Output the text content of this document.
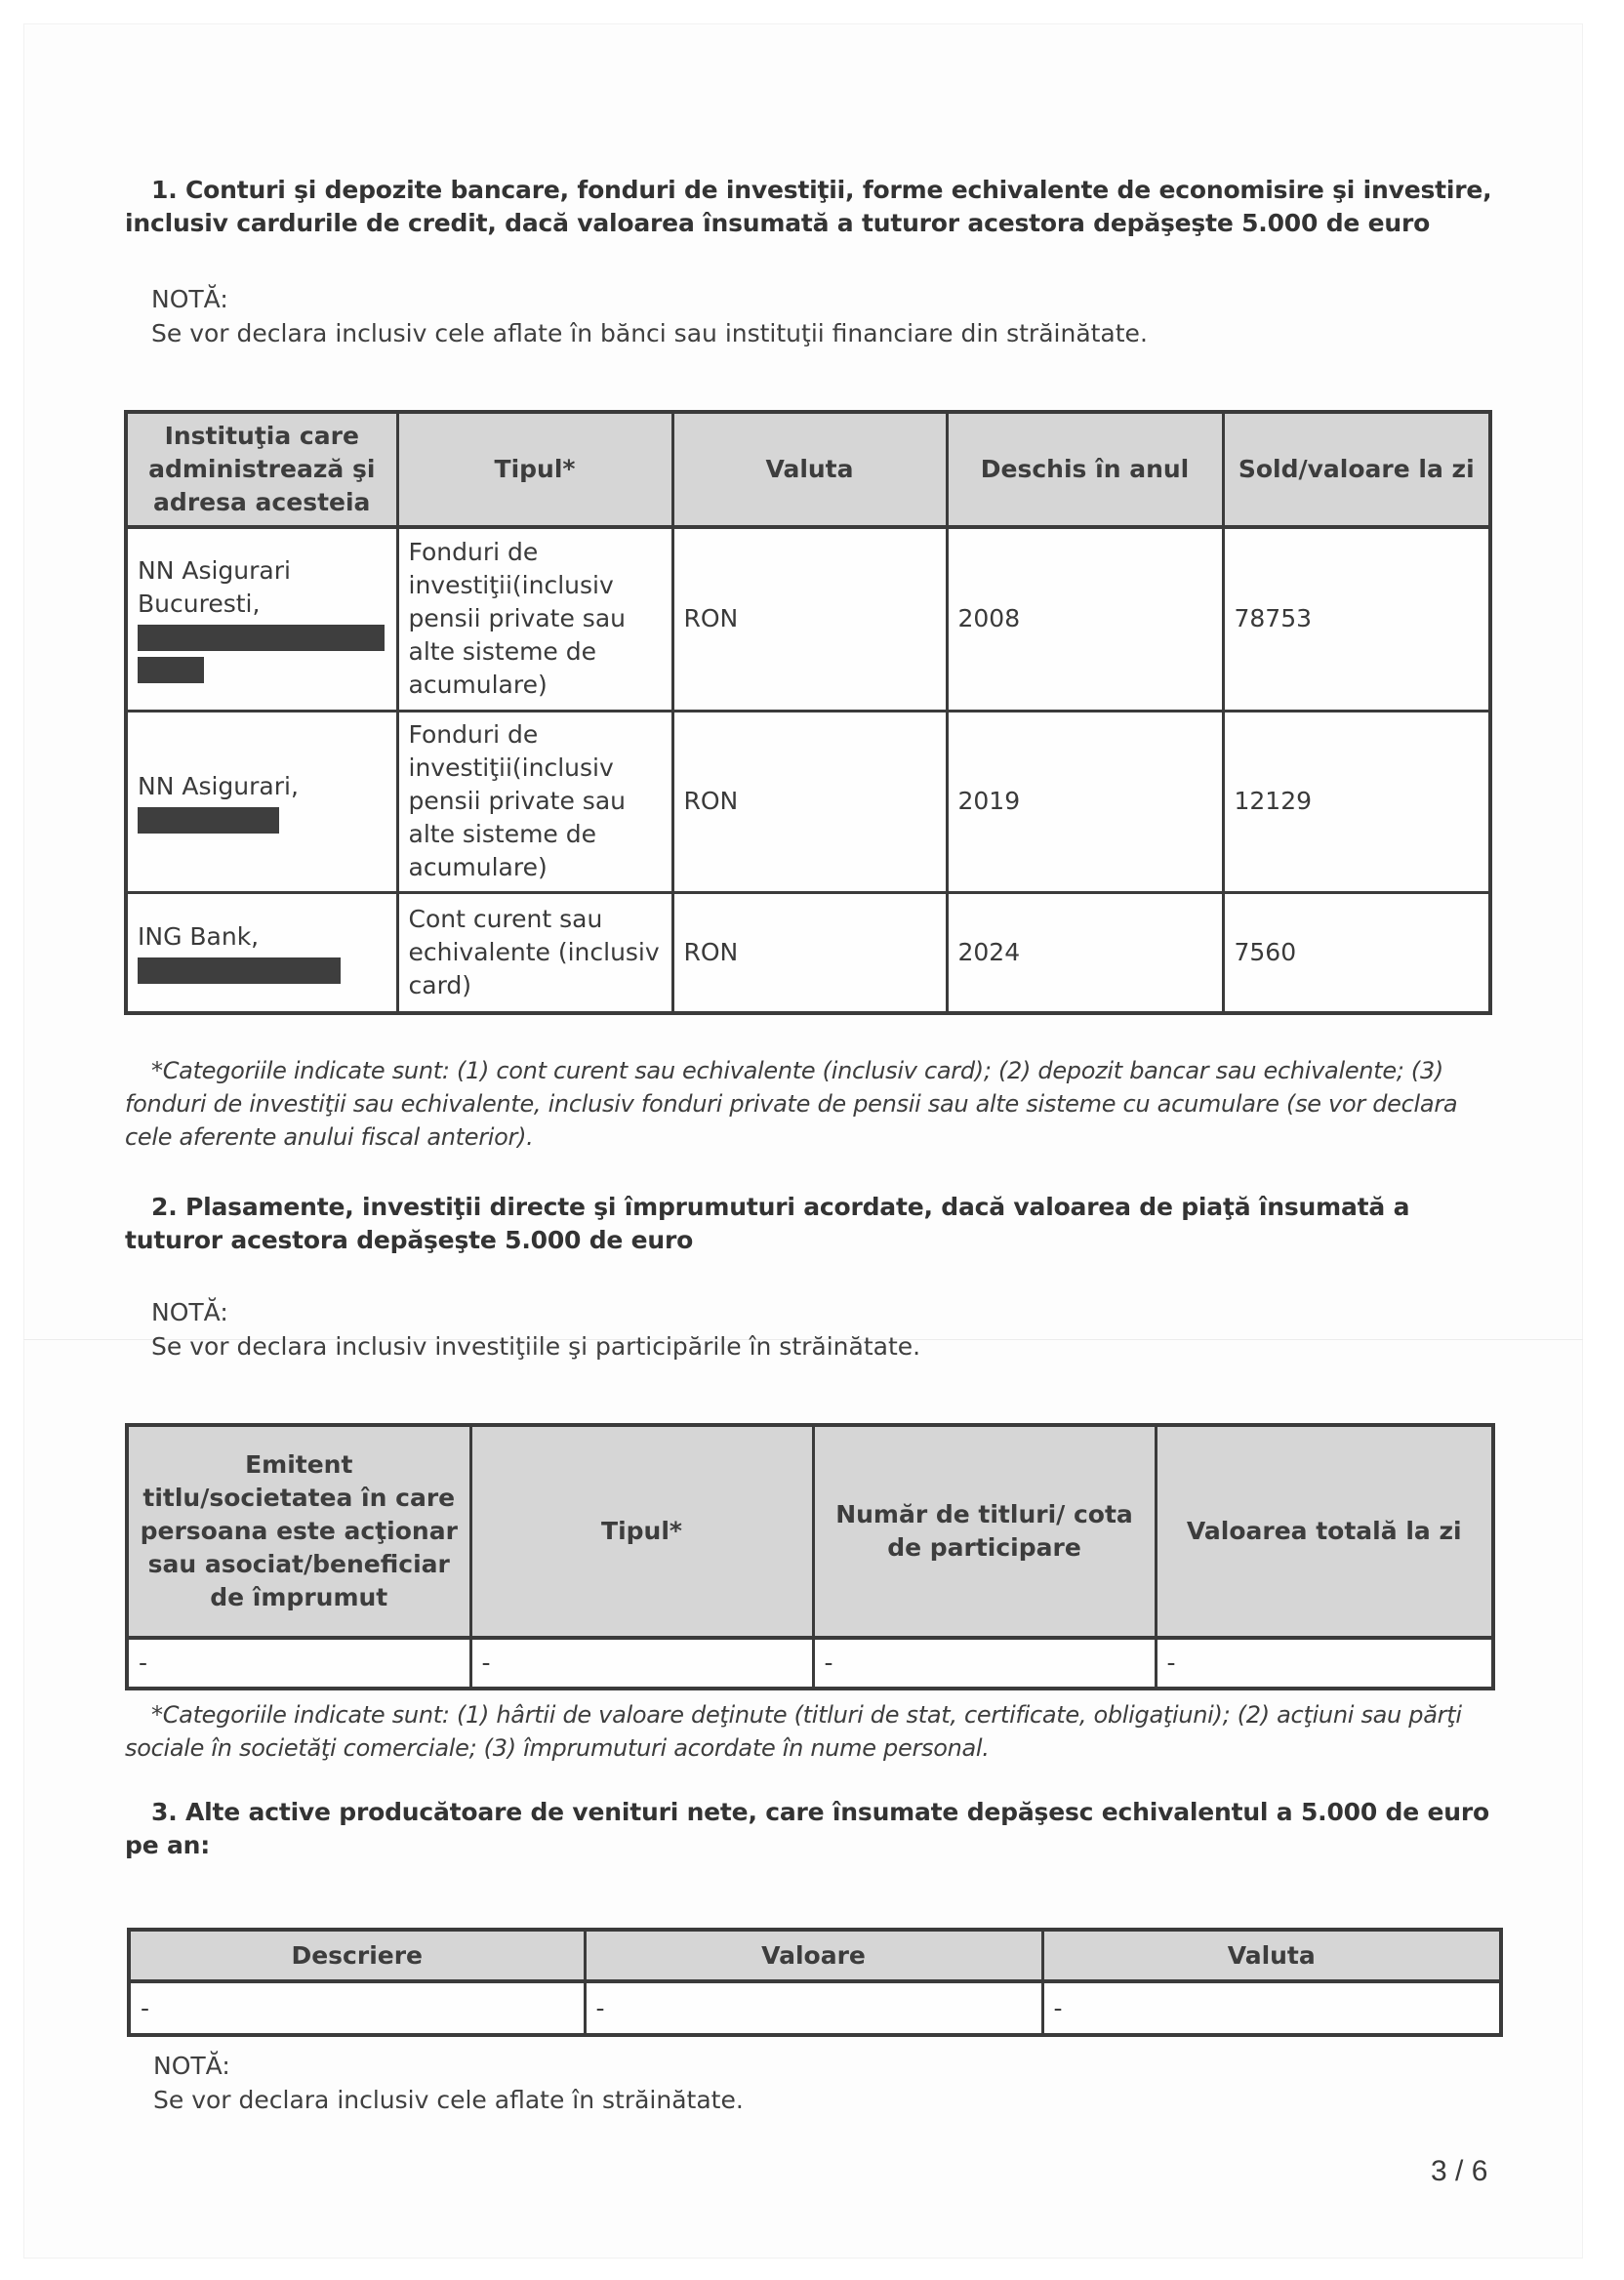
1. Conturi şi depozite bancare, fonduri de investiţii, forme echivalente de economisire şi investire, inclusiv cardurile de credit, dacă valoarea însumată a tuturor acestora depăşeşte 5.000 de euro
NOTĂ:
Se vor declara inclusiv cele aflate în bănci sau instituţii financiare din străinătate.
Instituţia care administrează şi adresa acesteia	Tipul*	Valuta	Deschis în anul	Sold/valoare la zi
NN Asigurari Bucuresti,	Fonduri de investiţii(inclusiv pensii private sau alte sisteme de acumulare)	RON	2008	78753
NN Asigurari,	Fonduri de investiţii(inclusiv pensii private sau alte sisteme de acumulare)	RON	2019	12129
ING Bank,	Cont curent sau echivalente (inclusiv card)	RON	2024	7560
*Categoriile indicate sunt: (1) cont curent sau echivalente (inclusiv card); (2) depozit bancar sau echivalente; (3) fonduri de investiţii sau echivalente, inclusiv fonduri private de pensii sau alte sisteme cu acumulare (se vor declara cele aferente anului fiscal anterior).
2. Plasamente, investiţii directe şi împrumuturi acordate, dacă valoarea de piaţă însumată a tuturor acestora depăşeşte 5.000 de euro
NOTĂ:
Se vor declara inclusiv investiţiile şi participările în străinătate.
Emitent titlu/societatea în care persoana este acţionar sau asociat/beneficiar de împrumut	Tipul*	Număr de titluri/ cota de participare	Valoarea totală la zi
-	-	-	-
*Categoriile indicate sunt: (1) hârtii de valoare deţinute (titluri de stat, certificate, obligaţiuni); (2) acţiuni sau părţi sociale în societăţi comerciale; (3) împrumuturi acordate în nume personal.
3. Alte active producătoare de venituri nete, care însumate depăşesc echivalentul a 5.000 de euro pe an:
Descriere	Valoare	Valuta
-	-	-
NOTĂ:
Se vor declara inclusiv cele aflate în străinătate.
3 / 6
